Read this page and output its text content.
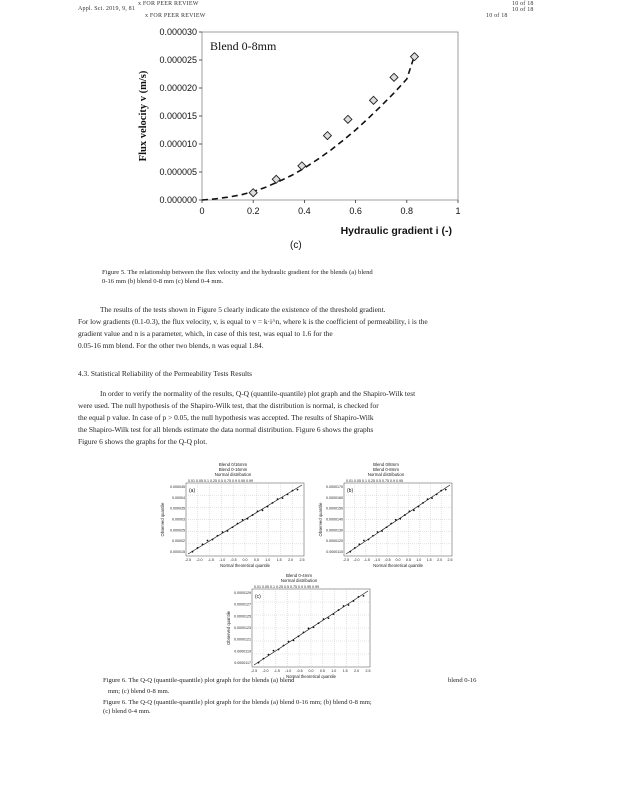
Appl. Sci. 2019, 9, 81
x FOR PEER REVIEW
x FOR PEER REVIEW
10 of 18
10 of 18
10 of 18
0.000000
0.000005
0.000010
0.000015
0.000020
0.000025
0.000030
0	0.2	0.4	0.6	0.8	1
Blend 0-8mm
Hydraulic gradient i (-)
Flux velocity v (m/s)
(c)
Figure 5. The relationship between the flux velocity and the hydraulic gradient for the blends (a) blend
0-16 mm (b) blend 0-8 mm (c) blend 0-4 mm.
The results of the tests shown in Figure 5 clearly indicate the existence of the threshold gradient.
For low gradients (0.1-0.3), the flux velocity, v, is equal to v = k·i^n, where k is the coefficient of permeability, i is the
gradient value and n is a parameter, which, in case of this test, was equal to 1.6 for the
0.05-16 mm blend. For the other two blends, n was equal 1.84.
4.3. Statistical Reliability of the Permeability Tests Results
In order to verify the normality of the results, Q-Q (quantile-quantile) plot graph and the Shapiro-Wilk test
were used. The null hypothesis of the Shapiro-Wilk test, that the distribution is normal, is checked for
the equal p value. In case of p > 0.05, the null hypothesis was accepted. The results of Shapiro-Wilk
the Shapiro-Wilk test for all blends estimate the data normal distribution. Figure 6 shows the graphs
Figure 6 shows the graphs for the Q-Q plot.
Blend 0/16mm
Blend 0-16mm
Normal distribution
0.01 0.05 0.1 0.25 0.5 0.75 0.9 0.95 0.99
0.000045
0.00004
0.000035
0.00003
0.000025
0.00002
0.000015
-2.5 -2.0 -1.5 -1.0 -0.5 0.0 0.5 1.0 1.5 2.0 2.5
Normal theoretical quantile
Observed quantile
(a)
Blend 0/8mm
Blend 0-8mm
Normal distribution
0.01 0.05 0.1 0.25 0.5 0.75 0.9 0.95
0.0000170
0.0000160
0.0000150
0.0000140
0.0000130
0.0000120
0.0000110
-2.5 -2.0 -1.5 -1.0 -0.5 0.0 0.5 1.0 1.5 2.0 2.5
Normal theoretical quantile
Observed quantile
(b)
Blend 0-4mm
Normal distribution
0.01 0.05 0.1 0.25 0.5 0.75 0.9 0.95 0.99
0.0000129
0.0000127
0.0000125
0.0000123
0.0000121
0.0000119
0.0000117
-2.5 -2.0 -1.5 -1.0 -0.5 0.0 0.5 1.0 1.5 2.0 2.5
Normal theoretical quantile
Observed quantile
(c)
Figure 6. The Q-Q (quantile-quantile) plot graph for the blends (a) blend	blend 0-16
mm; (c) blend 0-8 mm.
Figure 6. The Q-Q (quantile-quantile) plot graph for the blends (a) blend 0-16 mm; (b) blend 0-8 mm;
(c) blend 0-4 mm.
